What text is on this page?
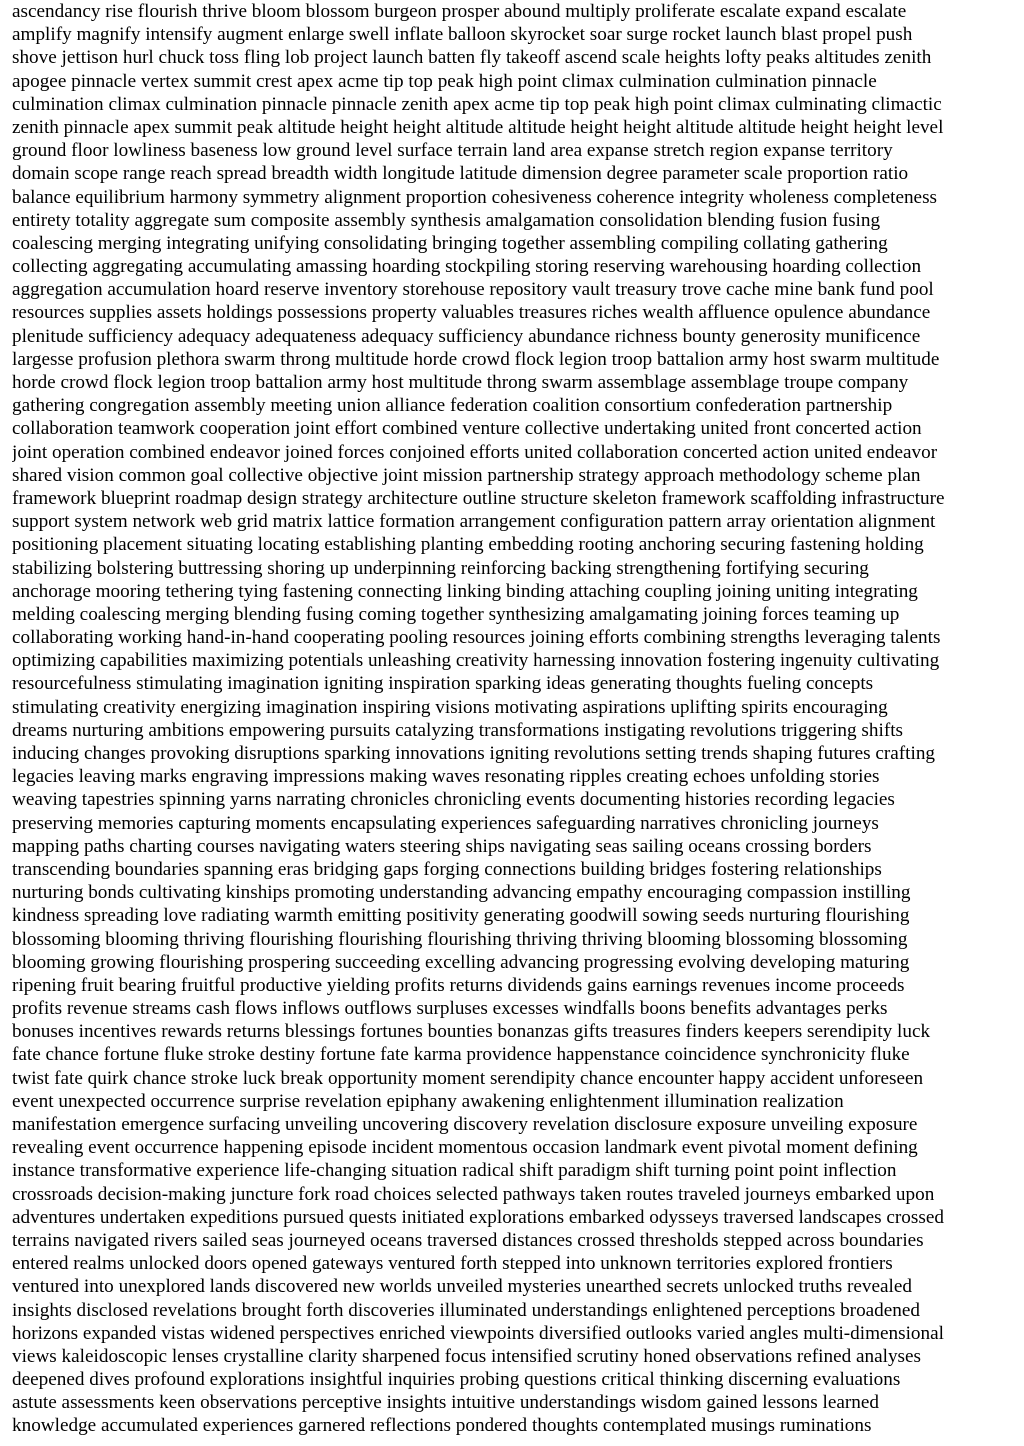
ascendancy rise flourish thrive bloom blossom burgeon prosper abound multiply proliferate escalate expand escalate
amplify magnify intensify augment enlarge swell inflate balloon skyrocket soar surge rocket launch blast propel push
shove jettison hurl chuck toss fling lob project launch batten fly takeoff ascend scale heights lofty peaks altitudes zenith
apogee pinnacle vertex summit crest apex acme tip top peak high point climax culmination culmination pinnacle
culmination climax culmination pinnacle pinnacle zenith apex acme tip top peak high point climax culminating climactic
zenith pinnacle apex summit peak altitude height height altitude altitude height height altitude altitude height height level
ground floor lowliness baseness low ground level surface terrain land area expanse stretch region expanse territory
domain scope range reach spread breadth width longitude latitude dimension degree parameter scale proportion ratio
balance equilibrium harmony symmetry alignment proportion cohesiveness coherence integrity wholeness completeness
entirety totality aggregate sum composite assembly synthesis amalgamation consolidation blending fusion fusing
coalescing merging integrating unifying consolidating bringing together assembling compiling collating gathering
collecting aggregating accumulating amassing hoarding stockpiling storing reserving warehousing hoarding collection
aggregation accumulation hoard reserve inventory storehouse repository vault treasury trove cache mine bank fund pool
resources supplies assets holdings possessions property valuables treasures riches wealth affluence opulence abundance
plenitude sufficiency adequacy adequateness adequacy sufficiency abundance richness bounty generosity munificence
largesse profusion plethora swarm throng multitude horde crowd flock legion troop battalion army host swarm multitude
horde crowd flock legion troop battalion army host multitude throng swarm assemblage assemblage troupe company
gathering congregation assembly meeting union alliance federation coalition consortium confederation partnership
collaboration teamwork cooperation joint effort combined venture collective undertaking united front concerted action
joint operation combined endeavor joined forces conjoined efforts united collaboration concerted action united endeavor
shared vision common goal collective objective joint mission partnership strategy approach methodology scheme plan
framework blueprint roadmap design strategy architecture outline structure skeleton framework scaffolding infrastructure
support system network web grid matrix lattice formation arrangement configuration pattern array orientation alignment
positioning placement situating locating establishing planting embedding rooting anchoring securing fastening holding
stabilizing bolstering buttressing shoring up underpinning reinforcing backing strengthening fortifying securing
anchorage mooring tethering tying fastening connecting linking binding attaching coupling joining uniting integrating
melding coalescing merging blending fusing coming together synthesizing amalgamating joining forces teaming up
collaborating working hand-in-hand cooperating pooling resources joining efforts combining strengths leveraging talents
optimizing capabilities maximizing potentials unleashing creativity harnessing innovation fostering ingenuity cultivating
resourcefulness stimulating imagination igniting inspiration sparking ideas generating thoughts fueling concepts
stimulating creativity energizing imagination inspiring visions motivating aspirations uplifting spirits encouraging
dreams nurturing ambitions empowering pursuits catalyzing transformations instigating revolutions triggering shifts
inducing changes provoking disruptions sparking innovations igniting revolutions setting trends shaping futures crafting
legacies leaving marks engraving impressions making waves resonating ripples creating echoes unfolding stories
weaving tapestries spinning yarns narrating chronicles chronicling events documenting histories recording legacies
preserving memories capturing moments encapsulating experiences safeguarding narratives chronicling journeys
mapping paths charting courses navigating waters steering ships navigating seas sailing oceans crossing borders
transcending boundaries spanning eras bridging gaps forging connections building bridges fostering relationships
nurturing bonds cultivating kinships promoting understanding advancing empathy encouraging compassion instilling
kindness spreading love radiating warmth emitting positivity generating goodwill sowing seeds nurturing flourishing
blossoming blooming thriving flourishing flourishing flourishing thriving thriving blooming blossoming blossoming
blooming growing flourishing prospering succeeding excelling advancing progressing evolving developing maturing
ripening fruit bearing fruitful productive yielding profits returns dividends gains earnings revenues income proceeds
profits revenue streams cash flows inflows outflows surpluses excesses windfalls boons benefits advantages perks
bonuses incentives rewards returns blessings fortunes bounties bonanzas gifts treasures finders keepers serendipity luck
fate chance fortune fluke stroke destiny fortune fate karma providence happenstance coincidence synchronicity fluke
twist fate quirk chance stroke luck break opportunity moment serendipity chance encounter happy accident unforeseen
event unexpected occurrence surprise revelation epiphany awakening enlightenment illumination realization
manifestation emergence surfacing unveiling uncovering discovery revelation disclosure exposure unveiling exposure
revealing event occurrence happening episode incident momentous occasion landmark event pivotal moment defining
instance transformative experience life-changing situation radical shift paradigm shift turning point point inflection
crossroads decision-making juncture fork road choices selected pathways taken routes traveled journeys embarked upon
adventures undertaken expeditions pursued quests initiated explorations embarked odysseys traversed landscapes crossed
terrains navigated rivers sailed seas journeyed oceans traversed distances crossed thresholds stepped across boundaries
entered realms unlocked doors opened gateways ventured forth stepped into unknown territories explored frontiers
ventured into unexplored lands discovered new worlds unveiled mysteries unearthed secrets unlocked truths revealed
insights disclosed revelations brought forth discoveries illuminated understandings enlightened perceptions broadened
horizons expanded vistas widened perspectives enriched viewpoints diversified outlooks varied angles multi-dimensional
views kaleidoscopic lenses crystalline clarity sharpened focus intensified scrutiny honed observations refined analyses
deepened dives profound explorations insightful inquiries probing questions critical thinking discerning evaluations
astute assessments keen observations perceptive insights intuitive understandings wisdom gained lessons learned
knowledge accumulated experiences garnered reflections pondered thoughts contemplated musings ruminations
